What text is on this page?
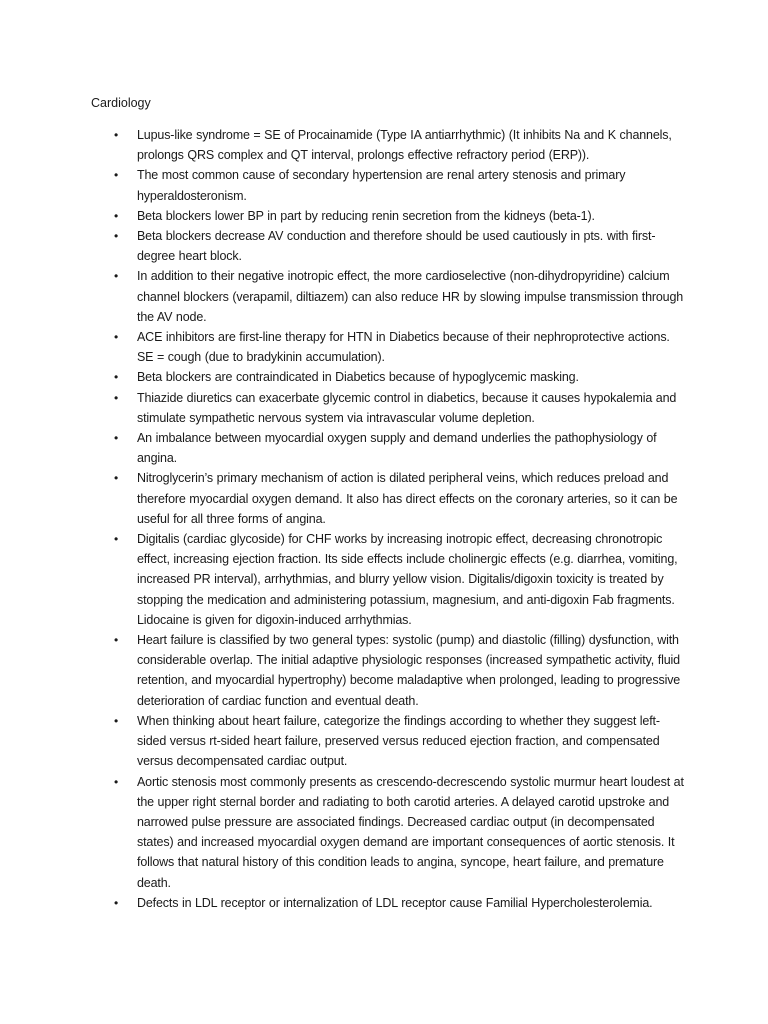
Cardiology
• Lupus-like syndrome = SE of Procainamide (Type IA antiarrhythmic) (It inhibits Na and K channels, prolongs QRS complex and QT interval, prolongs effective refractory period (ERP)).
• The most common cause of secondary hypertension are renal artery stenosis and primary hyperaldosteronism.
• Beta blockers lower BP in part by reducing renin secretion from the kidneys (beta-1).
• Beta blockers decrease AV conduction and therefore should be used cautiously in pts. with first-degree heart block.
• In addition to their negative inotropic effect, the more cardioselective (non-dihydropyridine) calcium channel blockers (verapamil, diltiazem) can also reduce HR by slowing impulse transmission through the AV node.
• ACE inhibitors are first-line therapy for HTN in Diabetics because of their nephroprotective actions. SE = cough (due to bradykinin accumulation).
• Beta blockers are contraindicated in Diabetics because of hypoglycemic masking.
• Thiazide diuretics can exacerbate glycemic control in diabetics, because it causes hypokalemia and stimulate sympathetic nervous system via intravascular volume depletion.
• An imbalance between myocardial oxygen supply and demand underlies the pathophysiology of angina.
• Nitroglycerin’s primary mechanism of action is dilated peripheral veins, which reduces preload and therefore myocardial oxygen demand. It also has direct effects on the coronary arteries, so it can be useful for all three forms of angina.
• Digitalis (cardiac glycoside) for CHF works by increasing inotropic effect, decreasing chronotropic effect, increasing ejection fraction. Its side effects include cholinergic effects (e.g. diarrhea, vomiting, increased PR interval), arrhythmias, and blurry yellow vision. Digitalis/digoxin toxicity is treated by stopping the medication and administering potassium, magnesium, and anti-digoxin Fab fragments. Lidocaine is given for digoxin-induced arrhythmias.
• Heart failure is classified by two general types: systolic (pump) and diastolic (filling) dysfunction, with considerable overlap. The initial adaptive physiologic responses (increased sympathetic activity, fluid retention, and myocardial hypertrophy) become maladaptive when prolonged, leading to progressive deterioration of cardiac function and eventual death.
• When thinking about heart failure, categorize the findings according to whether they suggest left-sided versus rt-sided heart failure, preserved versus reduced ejection fraction, and compensated versus decompensated cardiac output.
• Aortic stenosis most commonly presents as crescendo-decrescendo systolic murmur heart loudest at the upper right sternal border and radiating to both carotid arteries. A delayed carotid upstroke and narrowed pulse pressure are associated findings. Decreased cardiac output (in decompensated states) and increased myocardial oxygen demand are important consequences of aortic stenosis. It follows that natural history of this condition leads to angina, syncope, heart failure, and premature death.
• Defects in LDL receptor or internalization of LDL receptor cause Familial Hypercholesterolemia.
